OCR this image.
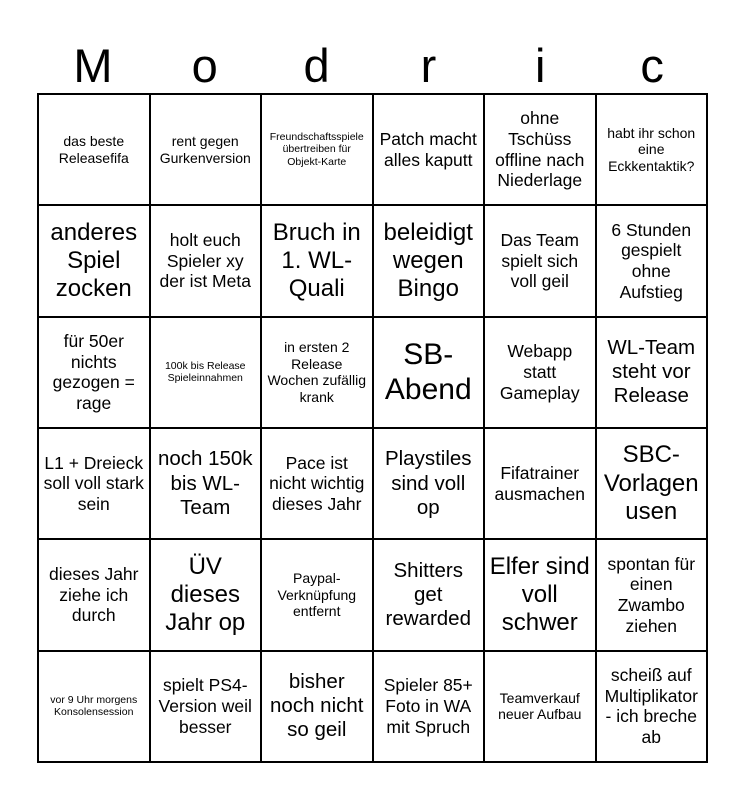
M	o	d	r	i	c
das beste Releasefifa
rent gegen Gurkenversion
Freundschaftsspiele übertreiben für Objekt-Karte
Patch macht alles kaputt
ohne Tschüss offline nach Niederlage
habt ihr schon eine Eckkentaktik?
anderes Spiel zocken
holt euch Spieler xy der ist Meta
Bruch in 1. WL-Quali
beleidigt wegen Bingo
Das Team spielt sich voll geil
6 Stunden gespielt ohne Aufstieg
für 50er nichts gezogen = rage
100k bis Release Spieleinnahmen
in ersten 2 Release Wochen zufällig krank
SB-Abend
Webapp statt Gameplay
WL-Team steht vor Release
L1 + Dreieck soll voll stark sein
noch 150k bis WL-Team
Pace ist nicht wichtig dieses Jahr
Playstiles sind voll op
Fifatrainer ausmachen
SBC-Vorlagen usen
dieses Jahr ziehe ich durch
ÜV dieses Jahr op
Paypal-Verknüpfung entfernt
Shitters get rewarded
Elfer sind voll schwer
spontan für einen Zwambo ziehen
vor 9 Uhr morgens Konsolensession
spielt PS4-Version weil besser
bisher noch nicht so geil
Spieler 85+ Foto in WA mit Spruch
Teamverkauf neuer Aufbau
scheiß auf Multiplikator - ich breche ab
